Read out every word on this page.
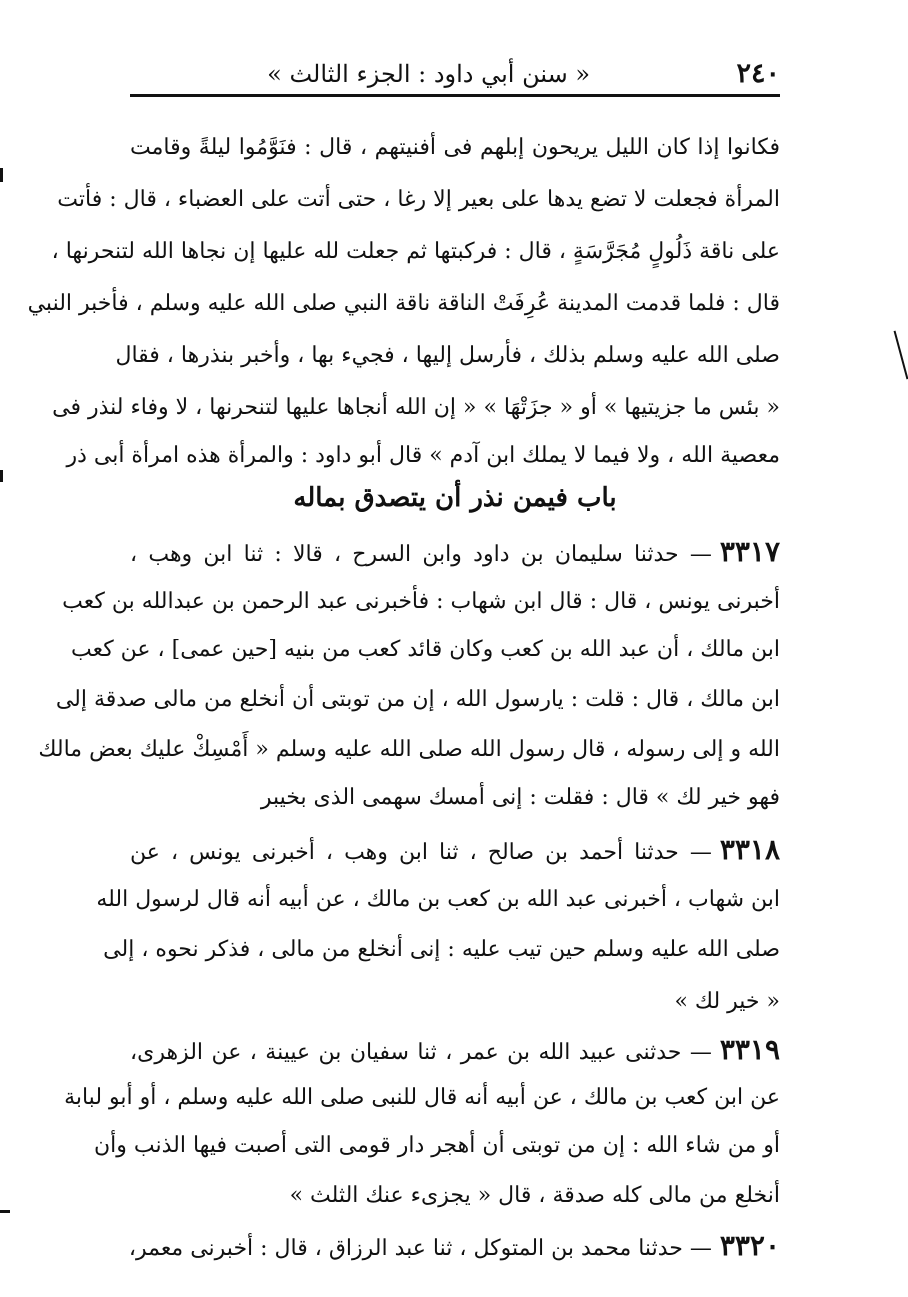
٢٤٠
« سنن أبي داود : الجزء الثالث »
فكانوا إذا كان الليل يريحون إبلهم فى أفنيتهم ، قال : فنَوَّمُوا ليلةً وقامت
المرأة فجعلت لا تضع يدها على بعير إلا رغا ، حتى أتت على العضباء ، قال : فأتت
على ناقة ذَلُولٍ مُجَرَّسَةٍ ، قال : فركبتها ثم جعلت لله عليها إن نجاها الله لتنحرنها ،
قال : فلما قدمت المدينة عُرِفَتْ الناقة ناقة النبي صلى الله عليه وسلم ، فأخبر النبي
صلى الله عليه وسلم بذلك ، فأرسل إليها ، فجيء بها ، وأخبر بنذرها ، فقال
« بئس ما جزيتيها » أو « جزَتْهَا » « إن الله أنجاها عليها لتنحرنها ، لا وفاء لنذر فى
معصية الله ، ولا فيما لا يملك ابن آدم » قال أبو داود : والمرأة هذه امرأة أبى ذر
باب فيمن نذر أن يتصدق بماله
٣٣١٧— حدثنا سليمان بن داود وابن السرح ، قالا : ثنا ابن وهب ،
أخبرنى يونس ، قال : قال ابن شهاب : فأخبرنى عبد الرحمن بن عبدالله بن كعب
ابن مالك ، أن عبد الله بن كعب وكان قائد كعب من بنيه [حين عمى] ، عن كعب
ابن مالك ، قال : قلت : يارسول الله ، إن من توبتى أن أنخلع من مالى صدقة إلى
الله و إلى رسوله ، قال رسول الله صلى الله عليه وسلم « أَمْسِكْ عليك بعض مالك
فهو خير لك » قال : فقلت : إنى أمسك سهمى الذى بخيبر
٣٣١٨— حدثنا أحمد بن صالح ، ثنا ابن وهب ، أخبرنى يونس ، عن
ابن شهاب ، أخبرنى عبد الله بن كعب بن مالك ، عن أبيه أنه قال لرسول الله
صلى الله عليه وسلم حين تيب عليه : إنى أنخلع من مالى ، فذكر نحوه ، إلى
« خير لك »
٣٣١٩— حدثنى عبيد الله بن عمر ، ثنا سفيان بن عيينة ، عن الزهرى،
عن ابن كعب بن مالك ، عن أبيه أنه قال للنبى صلى الله عليه وسلم ، أو أبو لبابة
أو من شاء الله : إن من توبتى أن أهجر دار قومى التى أصبت فيها الذنب وأن
أنخلع من مالى كله صدقة ، قال « يجزىء عنك الثلث »
٣٣٢٠— حدثنا محمد بن المتوكل ، ثنا عبد الرزاق ، قال : أخبرنى معمر،
